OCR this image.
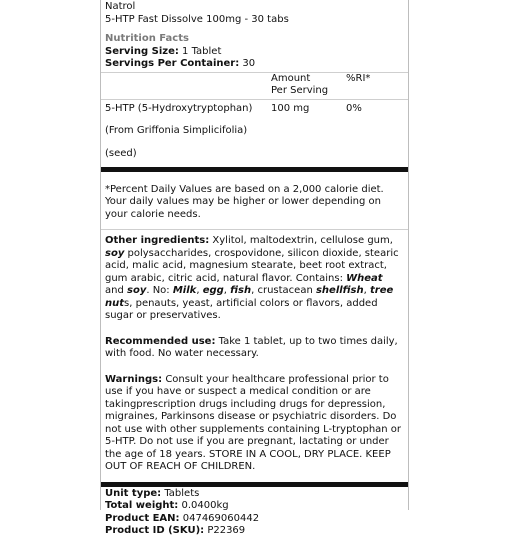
Natrol
5-HTP Fast Dissolve 100mg - 30 tabs
Nutrition Facts
Serving Size: 1 Tablet
Servings Per Container: 30
	Amount
Per Serving	%RI*
5-HTP (5-Hydroxytryptophan)	100 mg	0%
(From Griffonia Simplicifolia)		
(seed)		
*Percent Daily Values are based on a 2,000 calorie diet. Your daily values may be higher or lower depending on your calorie needs.
Other ingredients: Xylitol, maltodextrin, cellulose gum, soy polysaccharides, crospovidone, silicon dioxide, stearic acid, malic acid, magnesium stearate, beet root extract, gum arabic, citric acid, natural flavor. Contains: Wheat and soy. No: Milk, egg, fish, crustacean shellfish, tree nuts, penauts, yeast, artificial colors or flavors, added sugar or preservatives.
Recommended use: Take 1 tablet, up to two times daily, with food. No water necessary.
Warnings: Consult your healthcare professional prior to use if you have or suspect a medical condition or are takingprescription drugs including drugs for depression, migraines, Parkinsons disease or psychiatric disorders. Do not use with other supplements containing L-tryptophan or 5-HTP. Do not use if you are pregnant, lactating or under the age of 18 years. STORE IN A COOL, DRY PLACE. KEEP OUT OF REACH OF CHILDREN.
Unit type: Tablets
Total weight: 0.0400kg
Product EAN: 04746906044​2
Product ID (SKU): P22369
